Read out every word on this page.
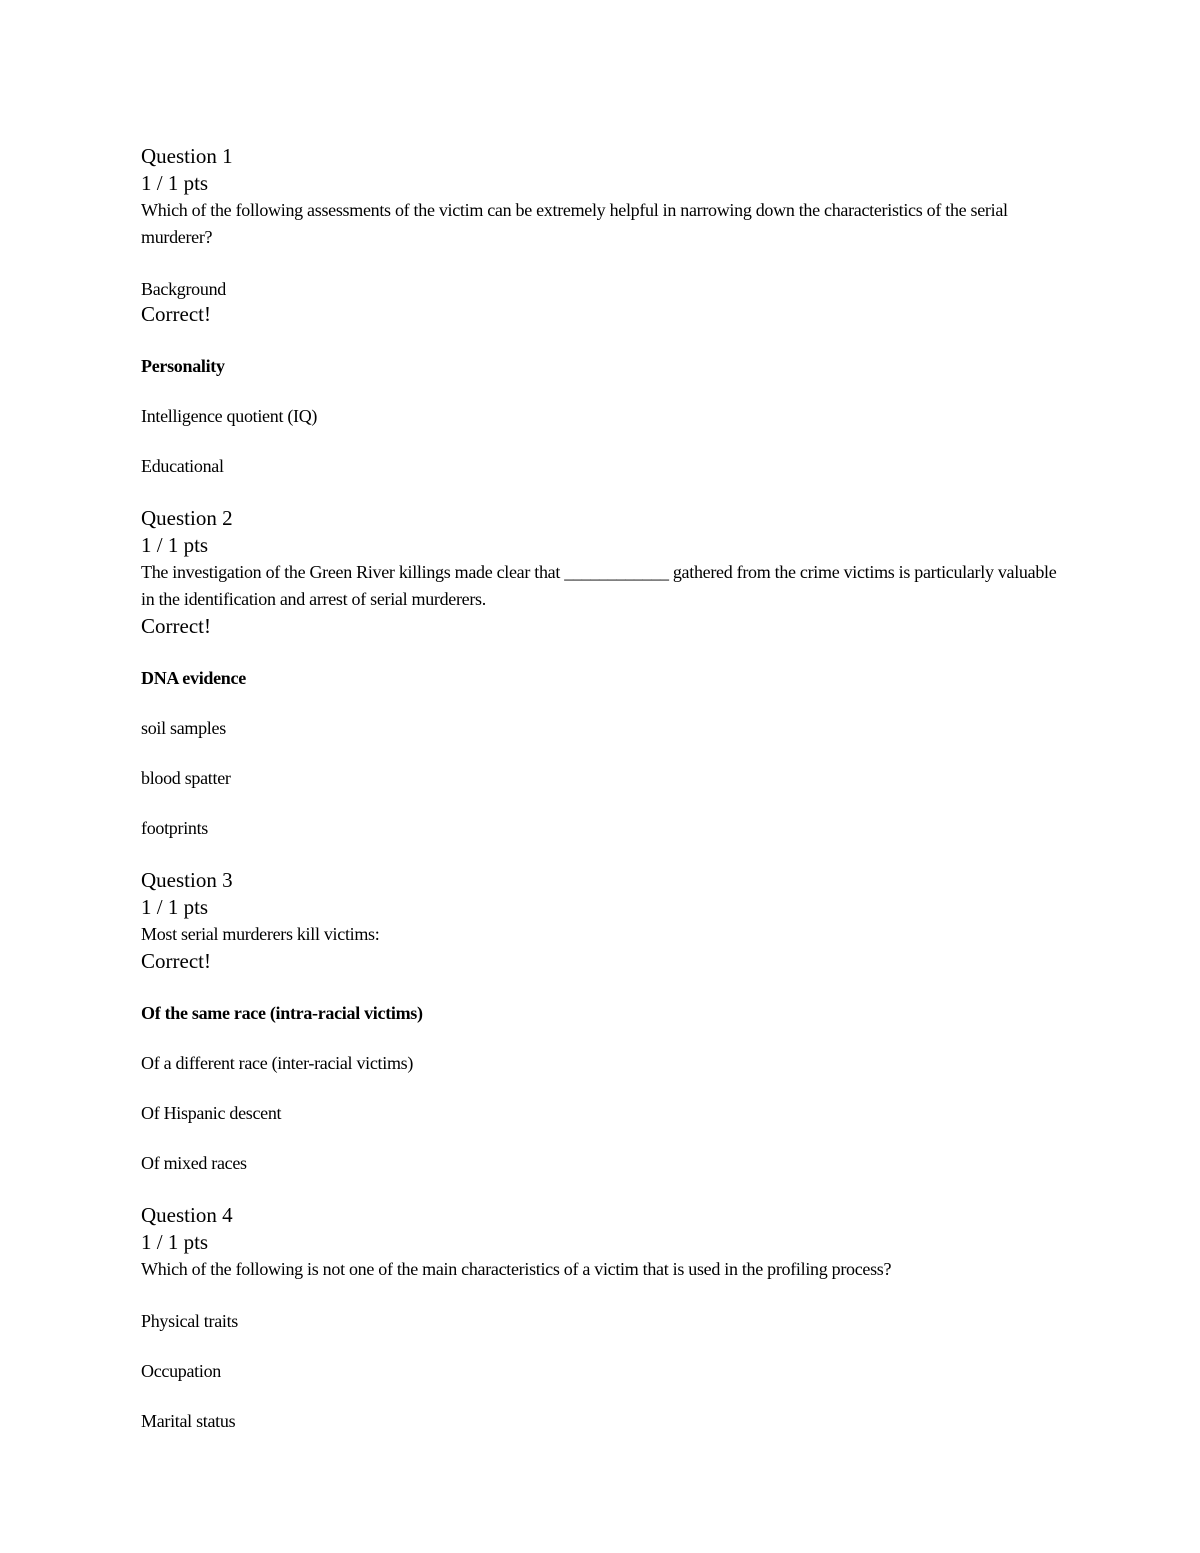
Question 1
1 / 1 pts
Which of the following assessments of the victim can be extremely helpful in narrowing down the characteristics of the serial murderer?
Background
Correct!
Personality
Intelligence quotient (IQ)
Educational
Question 2
1 / 1 pts
The investigation of the Green River killings made clear that ____________ gathered from the crime victims is particularly valuable in the identification and arrest of serial murderers.
Correct!
DNA evidence
soil samples
blood spatter
footprints
Question 3
1 / 1 pts
Most serial murderers kill victims:
Correct!
Of the same race (intra-racial victims)
Of a different race (inter-racial victims)
Of Hispanic descent
Of mixed races
Question 4
1 / 1 pts
Which of the following is not one of the main characteristics of a victim that is used in the profiling process?
Physical traits
Occupation
Marital status
